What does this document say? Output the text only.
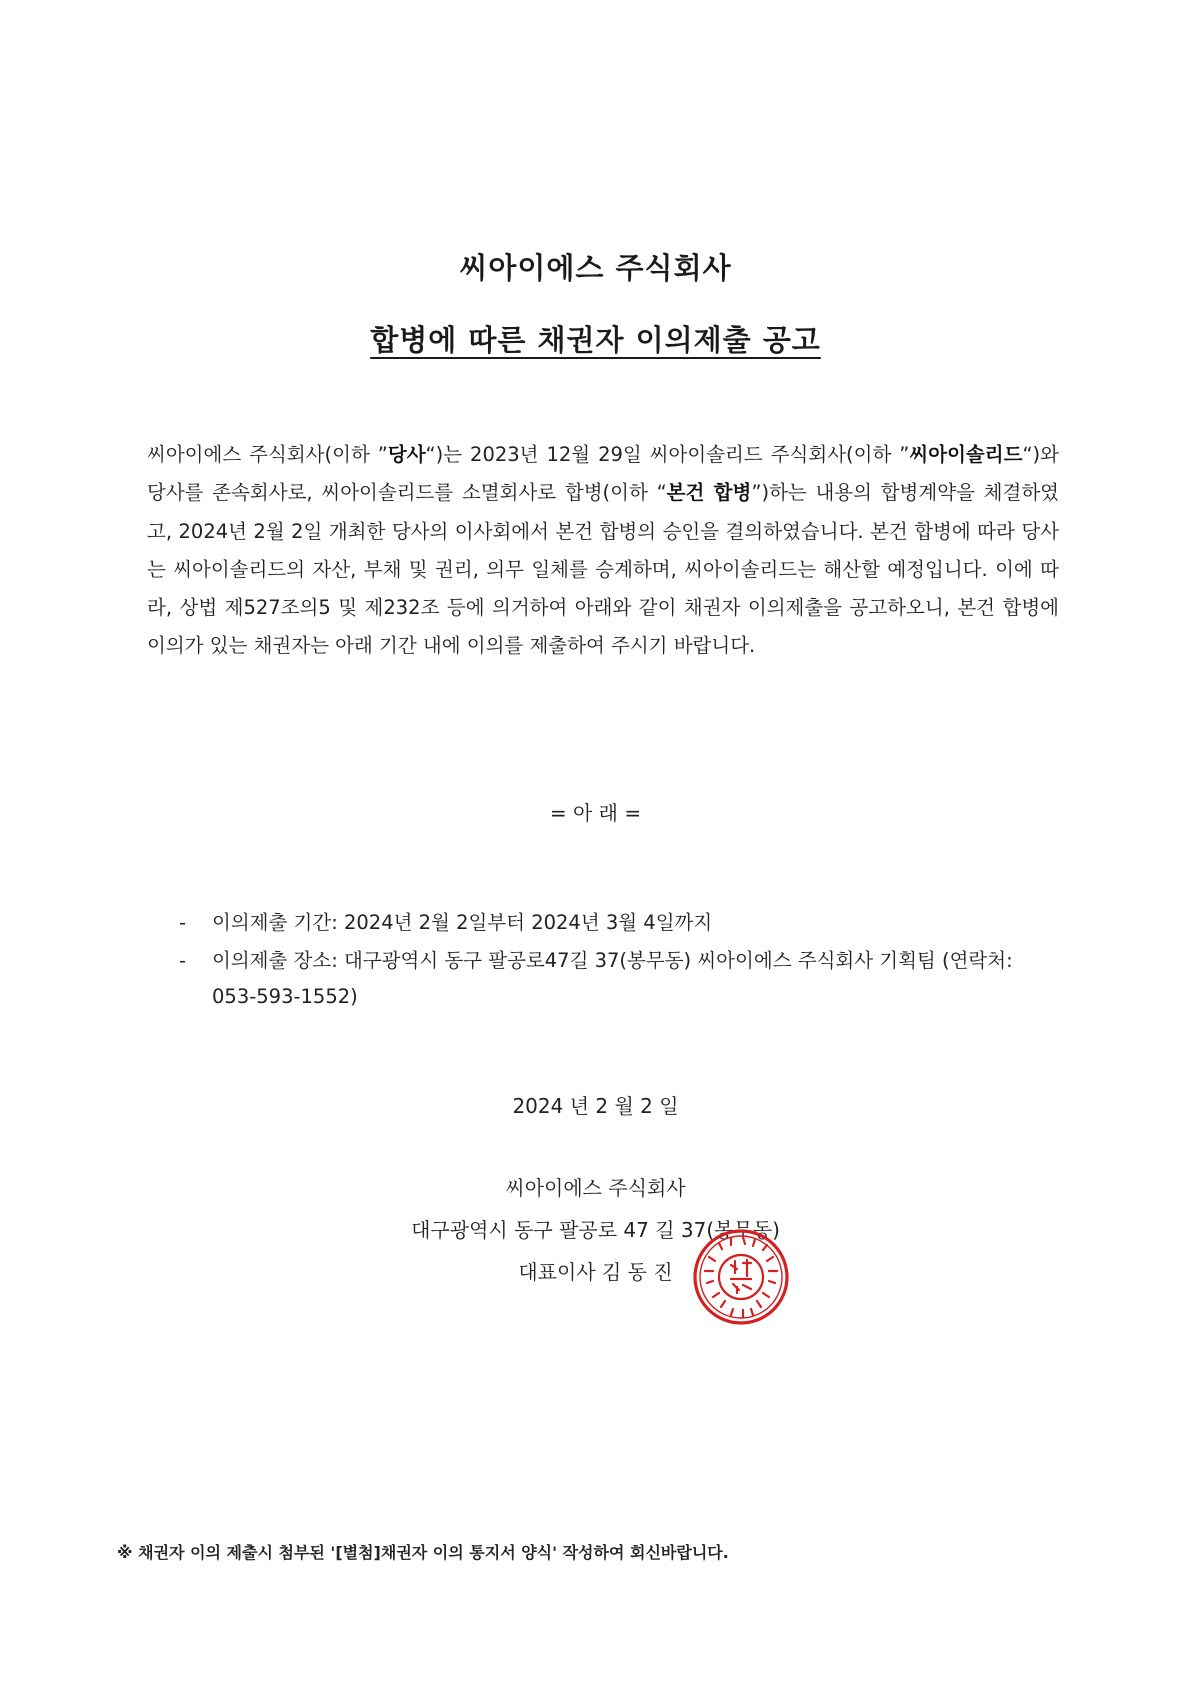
씨아이에스 주식회사
합병에 따른 채권자 이의제출 공고
씨아이에스 주식회사(이하 ”당사“)는 2023년 12월 29일 씨아이솔리드 주식회사(이하 ”씨아이솔리드“)와 당사를 존속회사로, 씨아이솔리드를 소멸회사로 합병(이하 “본건 합병”)하는 내용의 합병계약을 체결하였고, 2024년 2월 2일 개최한 당사의 이사회에서 본건 합병의 승인을 결의하였습니다. 본건 합병에 따라 당사는 씨아이솔리드의 자산, 부채 및 권리, 의무 일체를 승계하며, 씨아이솔리드는 해산할 예정입니다. 이에 따라, 상법 제527조의5 및 제232조 등에 의거하여 아래와 같이 채권자 이의제출을 공고하오니, 본건 합병에 이의가 있는 채권자는 아래 기간 내에 이의를 제출하여 주시기 바랍니다.
= 아 래 =
- 이의제출 기간: 2024년 2월 2일부터 2024년 3월 4일까지
- 이의제출 장소: 대구광역시 동구 팔공로47길 37(봉무동) 씨아이에스 주식회사 기획팀 (연락처: 053-593-1552)
2024 년 2 월 2 일
씨아이에스 주식회사
대구광역시 동구 팔공로 47 길 37(봉무동)
대표이사 김 동 진
※ 채권자 이의 제출시 첨부된 '[별첨]채권자 이의 통지서 양식' 작성하여 회신바랍니다.
